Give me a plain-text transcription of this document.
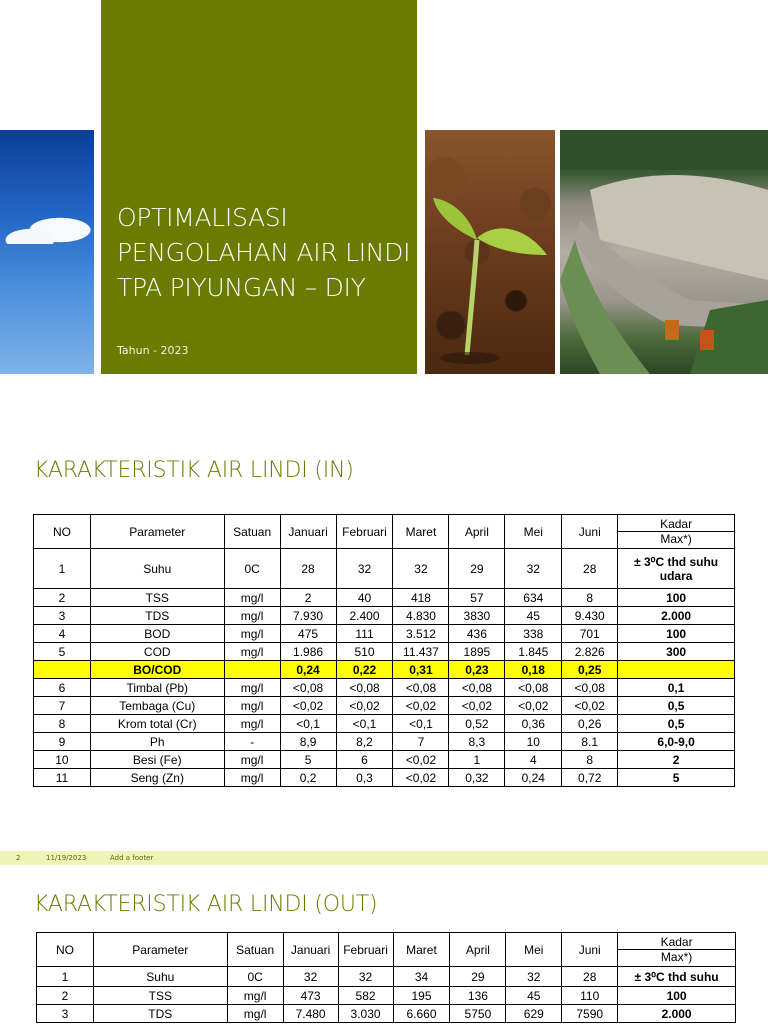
OPTIMALISASI PENGOLAHAN AIR LINDI TPA PIYUNGAN – DIY
Tahun - 2023
KARAKTERISTIK AIR LINDI (IN)
NO	Parameter	Satuan	Januari	Februari	Maret	April	Mei	Juni	Kadar
Max*)
1	Suhu	0C	28	32	32	29	32	28	± 3⁰C thd suhu udara
2	TSS	mg/l	2	40	418	57	634	8	100
3	TDS	mg/l	7.930	2.400	4.830	3830	45	9.430	2.000
4	BOD	mg/l	475	111	3.512	436	338	701	100
5	COD	mg/l	1.986	510	11.437	1895	1.845	2.826	300
	BO/COD		0,24	0,22	0,31	0,23	0,18	0,25	
6	Timbal (Pb)	mg/l	<0,08	<0,08	<0,08	<0,08	<0,08	<0,08	0,1
7	Tembaga (Cu)	mg/l	<0,02	<0,02	<0,02	<0,02	<0,02	<0,02	0,5
8	Krom total (Cr)	mg/l	<0,1	<0,1	<0,1	0,52	0,36	0,26	0,5
9	Ph	-	8,9	8,2	7	8,3	10	8.1	6,0-9,0
10	Besi (Fe)	mg/l	5	6	<0,02	1	4	8	2
11	Seng (Zn)	mg/l	0,2	0,3	<0,02	0,32	0,24	0,72	5
2	11/19/2023	Add a footer
KARAKTERISTIK AIR LINDI (OUT)
NO	Parameter	Satuan	Januari	Februari	Maret	April	Mei	Juni	Kadar
Max*)
1	Suhu	0C	32	32	34	29	32	28	± 3⁰C thd suhu
2	TSS	mg/l	473	582	195	136	45	110	100
3	TDS	mg/l	7.480	3.030	6.660	5750	629	7590	2.000
